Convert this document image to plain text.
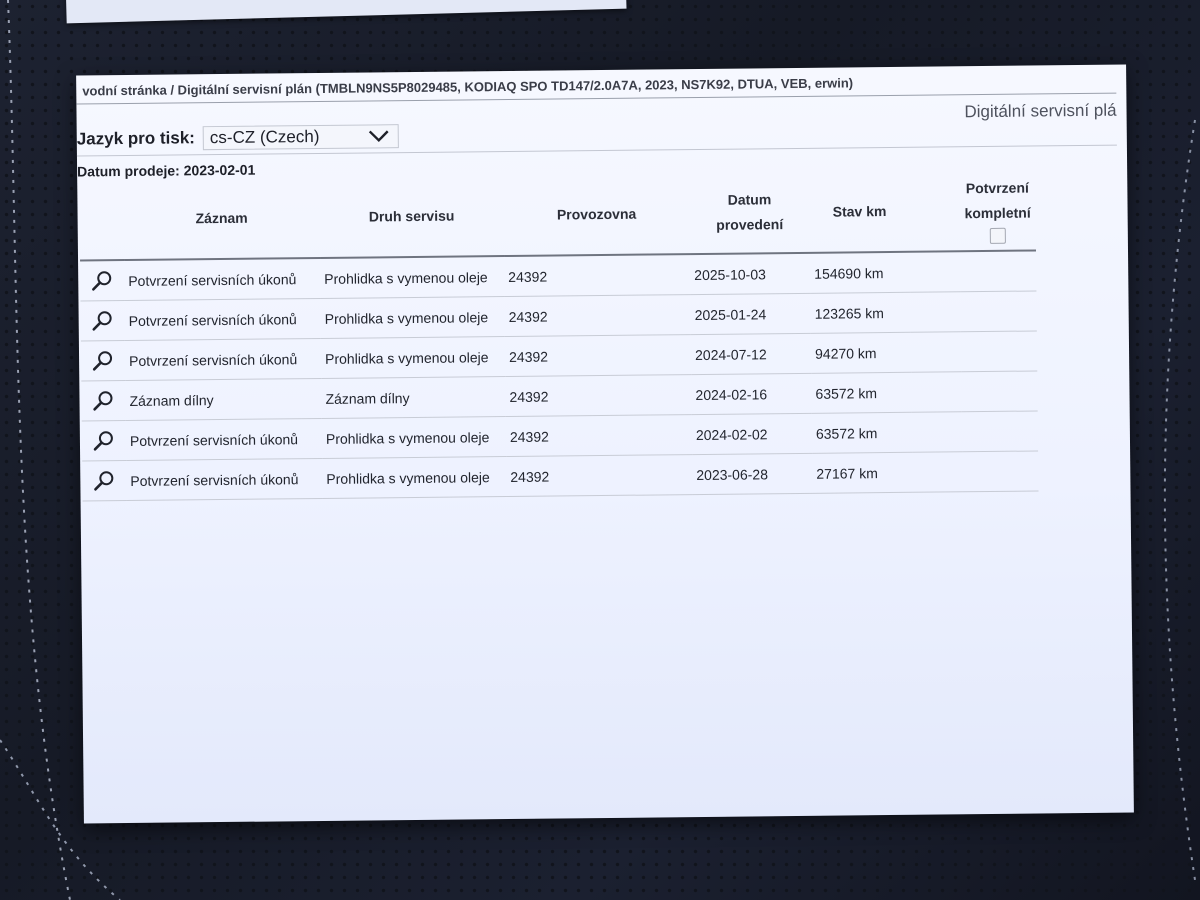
vodní stránka / Digitální servisní plán (TMBLN9NS5P8029485, KODIAQ SPO TD147/2.0A7A, 2023, NS7K92, DTUA, VEB, erwin)
Digitální servisní plá
Jazyk pro tisk: cs-CZ (Czech)
Datum prodeje: 2023-02-01
	Záznam	Druh servisu	Provozovna	Datum provedení	Stav km		Potvrzení kompletní

	Potvrzení servisních úkonů	Prohlidka s vymenou oleje	24392	2025-10-03	154690 km		
	Potvrzení servisních úkonů	Prohlidka s vymenou oleje	24392	2025-01-24	123265 km		
	Potvrzení servisních úkonů	Prohlidka s vymenou oleje	24392	2024-07-12	94270 km		
	Záznam dílny	Záznam dílny	24392	2024-02-16	63572 km		
	Potvrzení servisních úkonů	Prohlidka s vymenou oleje	24392	2024-02-02	63572 km		
	Potvrzení servisních úkonů	Prohlidka s vymenou oleje	24392	2023-06-28	27167 km		
